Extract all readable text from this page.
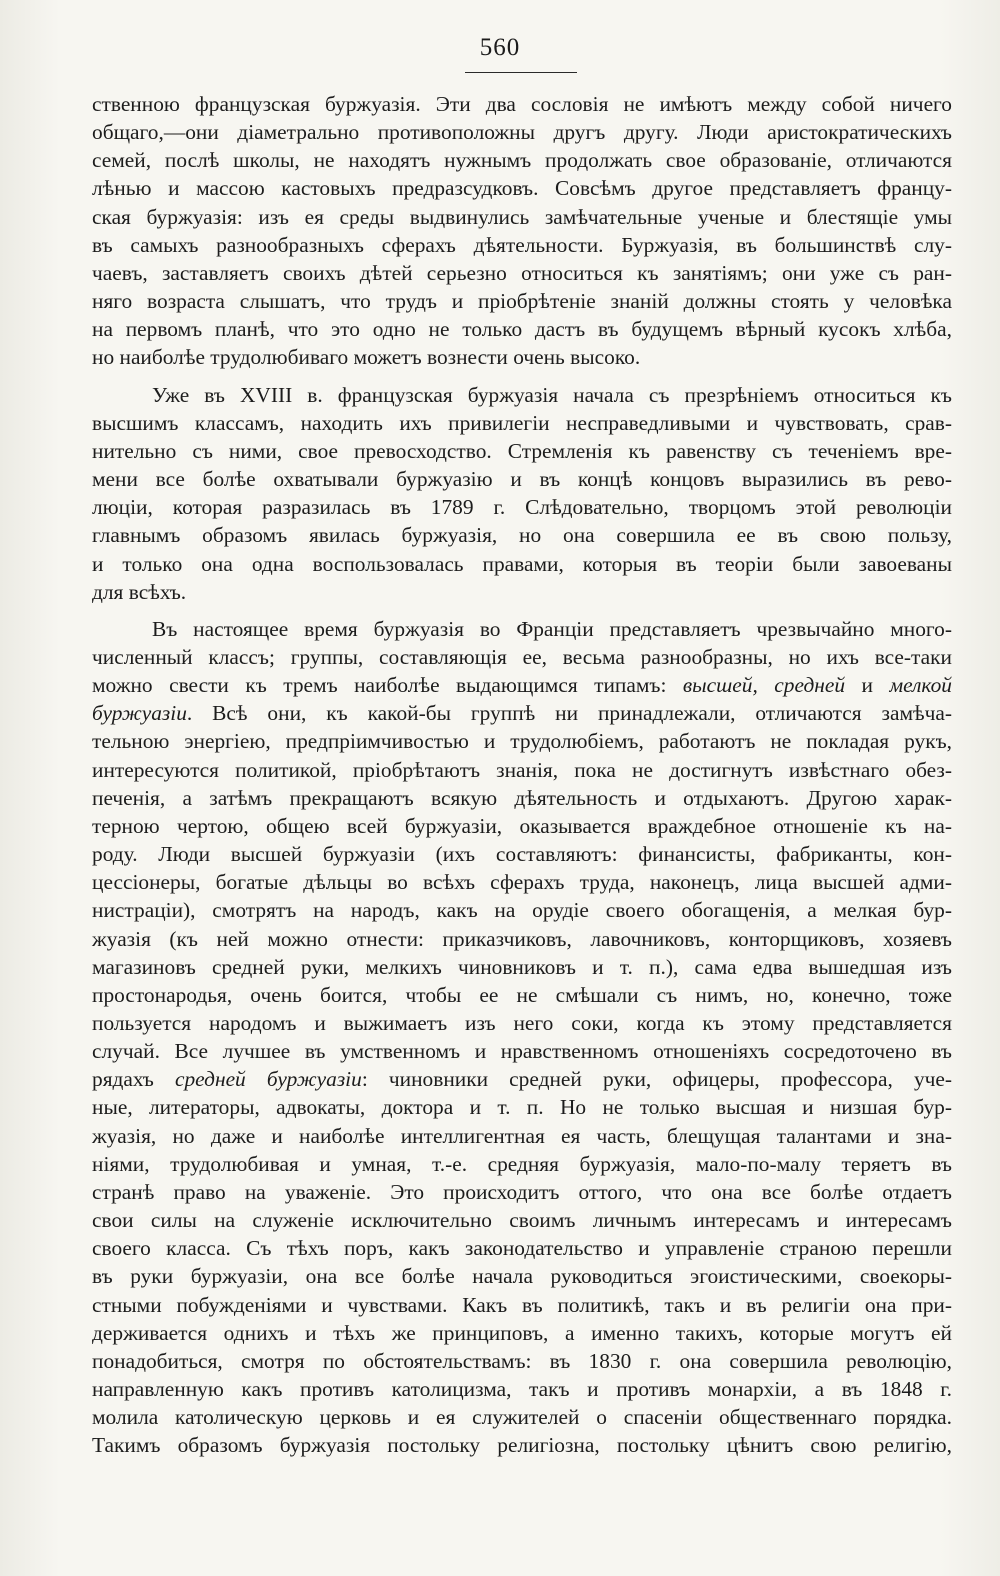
560

ственною французская буржуазія. Эти два сословія не имѣютъ между собой ничего

общаго,—они діаметрально противоположны другъ другу. Люди аристократическихъ

семей, послѣ школы, не находятъ нужнымъ продолжать свое образованіе, отличаются

лѣнью и массою кастовыхъ предразсудковъ. Совсѣмъ другое представляетъ францу-

ская буржуазія: изъ ея среды выдвинулись замѣчательные ученые и блестящіе умы

въ самыхъ разнообразныхъ сферахъ дѣятельности. Буржуазія, въ большинствѣ слу-

чаевъ, заставляетъ своихъ дѣтей серьезно относиться къ занятіямъ; они уже съ ран-

няго возраста слышатъ, что трудъ и пріобрѣтеніе знаній должны стоять у человѣка

на первомъ планѣ, что это одно не только дастъ въ будущемъ вѣрный кусокъ хлѣба,

но наиболѣе трудолюбиваго можетъ вознести очень высоко.

Уже въ XVIII в. французская буржуазія начала съ презрѣніемъ относиться къ

высшимъ классамъ, находить ихъ привилегіи несправедливыми и чувствовать, срав-

нительно съ ними, свое превосходство. Стремленія къ равенству съ теченіемъ вре-

мени все болѣе охватывали буржуазію и въ концѣ концовъ выразились въ рево-

люціи, которая разразилась въ 1789 г. Слѣдовательно, творцомъ этой революціи

главнымъ образомъ явилась буржуазія, но она совершила ее въ свою пользу,

и только она одна воспользовалась правами, которыя въ теоріи были завоеваны

для всѣхъ.

Въ настоящее время буржуазія во Франціи представляетъ чрезвычайно много-

численный классъ; группы, составляющія ее, весьма разнообразны, но ихъ все-таки

можно свести къ тремъ наиболѣе выдающимся типамъ: высшей, средней и мелкой

буржуазіи. Всѣ они, къ какой-бы группѣ ни принадлежали, отличаются замѣча-

тельною энергіею, предпріимчивостью и трудолюбіемъ, работаютъ не покладая рукъ,

интересуются политикой, пріобрѣтаютъ знанія, пока не достигнутъ извѣстнаго обез-

печенія, а затѣмъ прекращаютъ всякую дѣятельность и отдыхаютъ. Другою харак-

терною чертою, общею всей буржуазіи, оказывается враждебное отношеніе къ на-

роду. Люди высшей буржуазіи (ихъ составляютъ: финансисты, фабриканты, кон-

цессіонеры, богатые дѣльцы во всѣхъ сферахъ труда, наконецъ, лица высшей адми-

нистраціи), смотрятъ на народъ, какъ на орудіе своего обогащенія, а мелкая бур-

жуазія (къ ней можно отнести: приказчиковъ, лавочниковъ, конторщиковъ, хозяевъ

магазиновъ средней руки, мелкихъ чиновниковъ и т. п.), сама едва вышедшая изъ

простонародья, очень боится, чтобы ее не смѣшали съ нимъ, но, конечно, тоже

пользуется народомъ и выжимаетъ изъ него соки, когда къ этому представляется

случай. Все лучшее въ умственномъ и нравственномъ отношеніяхъ сосредоточено въ

рядахъ средней буржуазіи: чиновники средней руки, офицеры, профессора, уче-

ные, литераторы, адвокаты, доктора и т. п. Но не только высшая и низшая бур-

жуазія, но даже и наиболѣе интеллигентная ея часть, блещущая талантами и зна-

ніями, трудолюбивая и умная, т.-е. средняя буржуазія, мало-по-малу теряетъ въ

странѣ право на уваженіе. Это происходитъ оттого, что она все болѣе отдаетъ

свои силы на служеніе исключительно своимъ личнымъ интересамъ и интересамъ

своего класса. Съ тѣхъ поръ, какъ законодательство и управленіе страною перешли

въ руки буржуазіи, она все болѣе начала руководиться эгоистическими, своекоры-

стными побужденіями и чувствами. Какъ въ политикѣ, такъ и въ религіи она при-

держивается однихъ и тѣхъ же принциповъ, а именно такихъ, которые могутъ ей

понадобиться, смотря по обстоятельствамъ: въ 1830 г. она совершила революцію,

направленную какъ противъ католицизма, такъ и противъ монархіи, а въ 1848 г.

молила католическую церковь и ея служителей о спасеніи общественнаго порядка.

Такимъ образомъ буржуазія постольку религіозна, постольку цѣнитъ свою религію,
